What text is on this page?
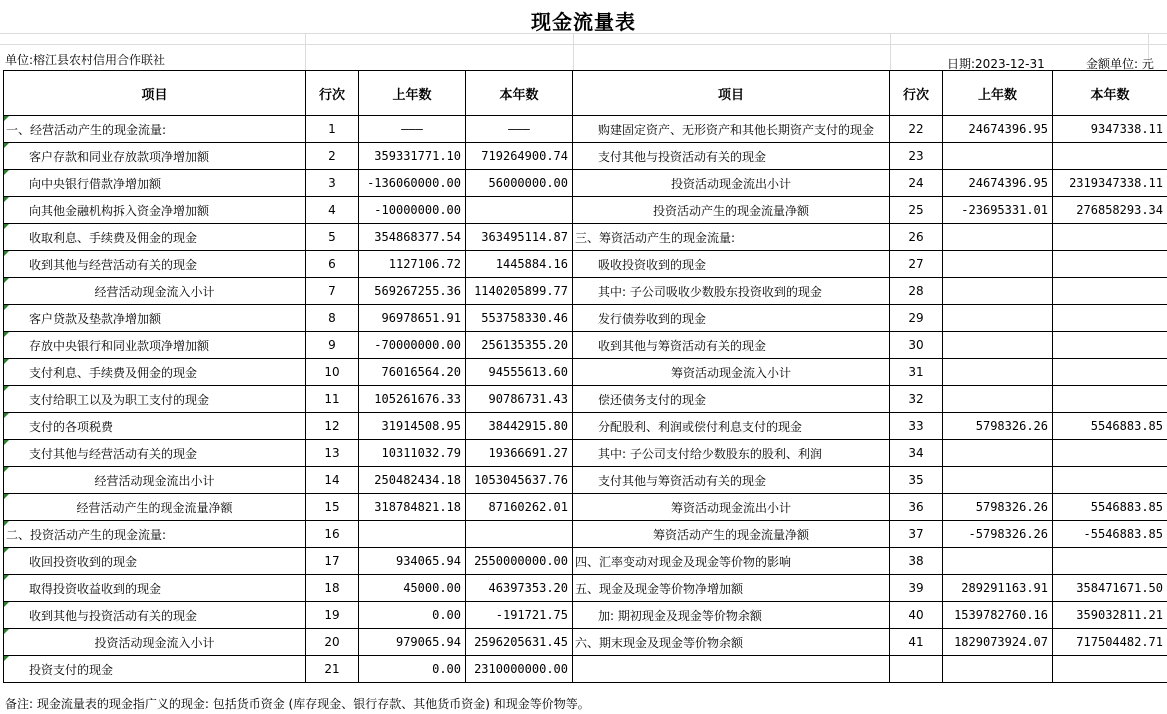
现金流量表
单位:榕江县农村信用合作联社	日期:2023-12-31	金额单位: 元
项目	行次	上年数	本年数	项目	行次	上年数	本年数
一、经营活动产生的现金流量:	1	———	———	购建固定资产、无形资产和其他长期资产支付的现金	22	24674396.95	9347338.11
客户存款和同业存放款项净增加额	2	359331771.10	719264900.74	支付其他与投资活动有关的现金	23		
向中央银行借款净增加额	3	-136060000.00	56000000.00	投资活动现金流出小计	24	24674396.95	2319347338.11
向其他金融机构拆入资金净增加额	4	-10000000.00		投资活动产生的现金流量净额	25	-23695331.01	276858293.34
收取利息、手续费及佣金的现金	5	354868377.54	363495114.87	三、筹资活动产生的现金流量:	26		
收到其他与经营活动有关的现金	6	1127106.72	1445884.16	吸收投资收到的现金	27		
经营活动现金流入小计	7	569267255.36	1140205899.77	其中: 子公司吸收少数股东投资收到的现金	28		
客户贷款及垫款净增加额	8	96978651.91	553758330.46	发行债券收到的现金	29		
存放中央银行和同业款项净增加额	9	-70000000.00	256135355.20	收到其他与筹资活动有关的现金	30		
支付利息、手续费及佣金的现金	10	76016564.20	94555613.60	筹资活动现金流入小计	31		
支付给职工以及为职工支付的现金	11	105261676.33	90786731.43	偿还债务支付的现金	32		
支付的各项税费	12	31914508.95	38442915.80	分配股利、利润或偿付利息支付的现金	33	5798326.26	5546883.85
支付其他与经营活动有关的现金	13	10311032.79	19366691.27	其中: 子公司支付给少数股东的股利、利润	34		
经营活动现金流出小计	14	250482434.18	1053045637.76	支付其他与筹资活动有关的现金	35		
经营活动产生的现金流量净额	15	318784821.18	87160262.01	筹资活动现金流出小计	36	5798326.26	5546883.85
二、投资活动产生的现金流量:	16			筹资活动产生的现金流量净额	37	-5798326.26	-5546883.85
收回投资收到的现金	17	934065.94	2550000000.00	四、汇率变动对现金及现金等价物的影响	38		
取得投资收益收到的现金	18	45000.00	46397353.20	五、现金及现金等价物净增加额	39	289291163.91	358471671.50
收到其他与投资活动有关的现金	19	0.00	-191721.75	加: 期初现金及现金等价物余额	40	1539782760.16	359032811.21
投资活动现金流入小计	20	979065.94	2596205631.45	六、期末现金及现金等价物余额	41	1829073924.07	717504482.71
投资支付的现金	21	0.00	2310000000.00				
备注: 现金流量表的现金指广义的现金: 包括货币资金 (库存现金、银行存款、其他货币资金) 和现金等价物等。
